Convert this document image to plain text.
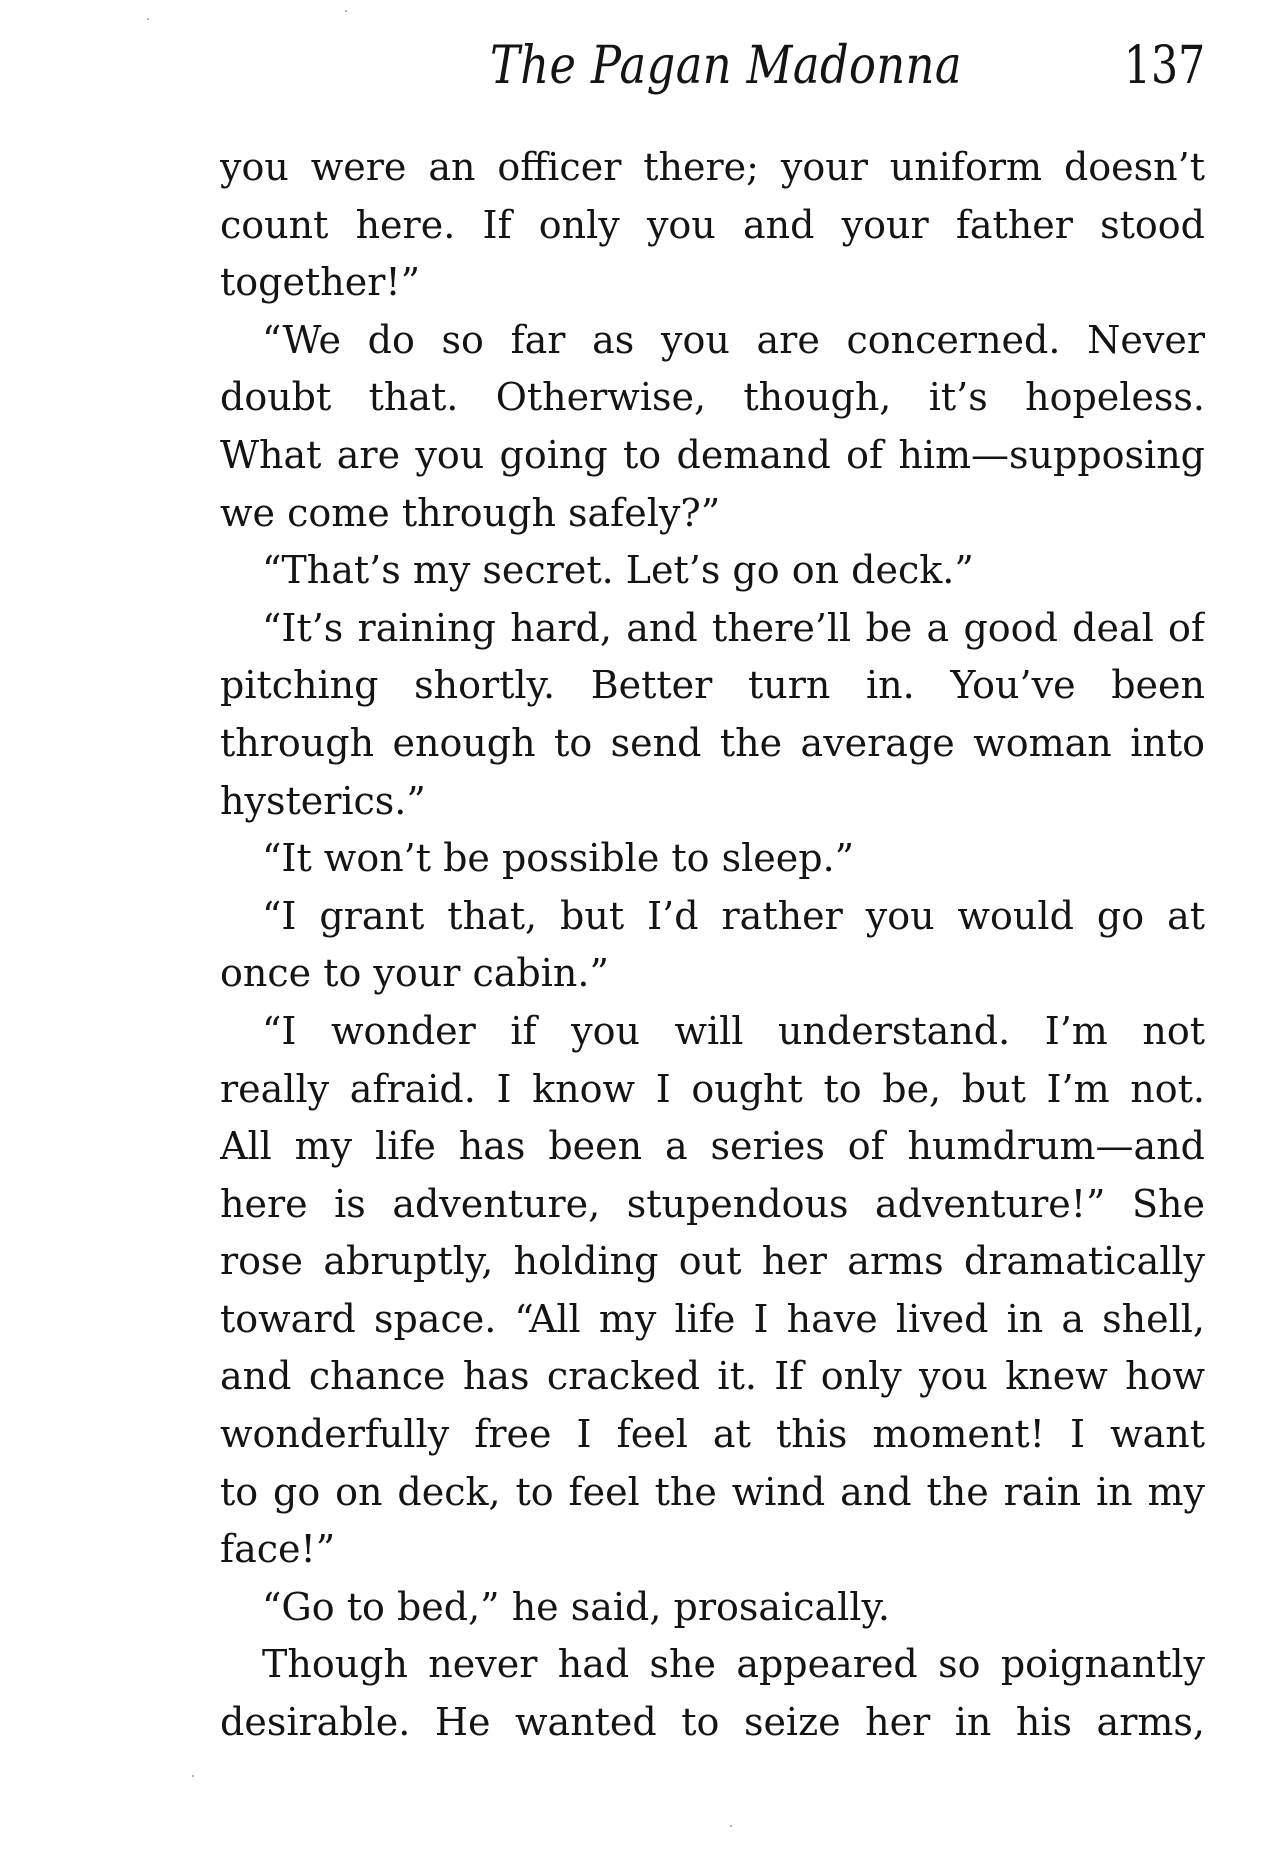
The Pagan Madonna	137
you were an officer there; your uniform doesn’t
count here. If only you and your father stood
together!”
“We do so far as you are concerned. Never
doubt that. Otherwise, though, it’s hopeless.
What are you going to demand of him—supposing
we come through safely?”
“That’s my secret. Let’s go on deck.”
“It’s raining hard, and there’ll be a good deal of
pitching shortly. Better turn in. You’ve been
through enough to send the average woman into
hysterics.”
“It won’t be possible to sleep.”
“I grant that, but I’d rather you would go at
once to your cabin.”
“I wonder if you will understand. I’m not
really afraid. I know I ought to be, but I’m not.
All my life has been a series of humdrum—and
here is adventure, stupendous adventure!” She
rose abruptly, holding out her arms dramatically
toward space. “All my life I have lived in a shell,
and chance has cracked it. If only you knew how
wonderfully free I feel at this moment! I want
to go on deck, to feel the wind and the rain in my
face!”
“Go to bed,” he said, prosaically.
Though never had she appeared so poignantly
desirable. He wanted to seize her in his arms,
